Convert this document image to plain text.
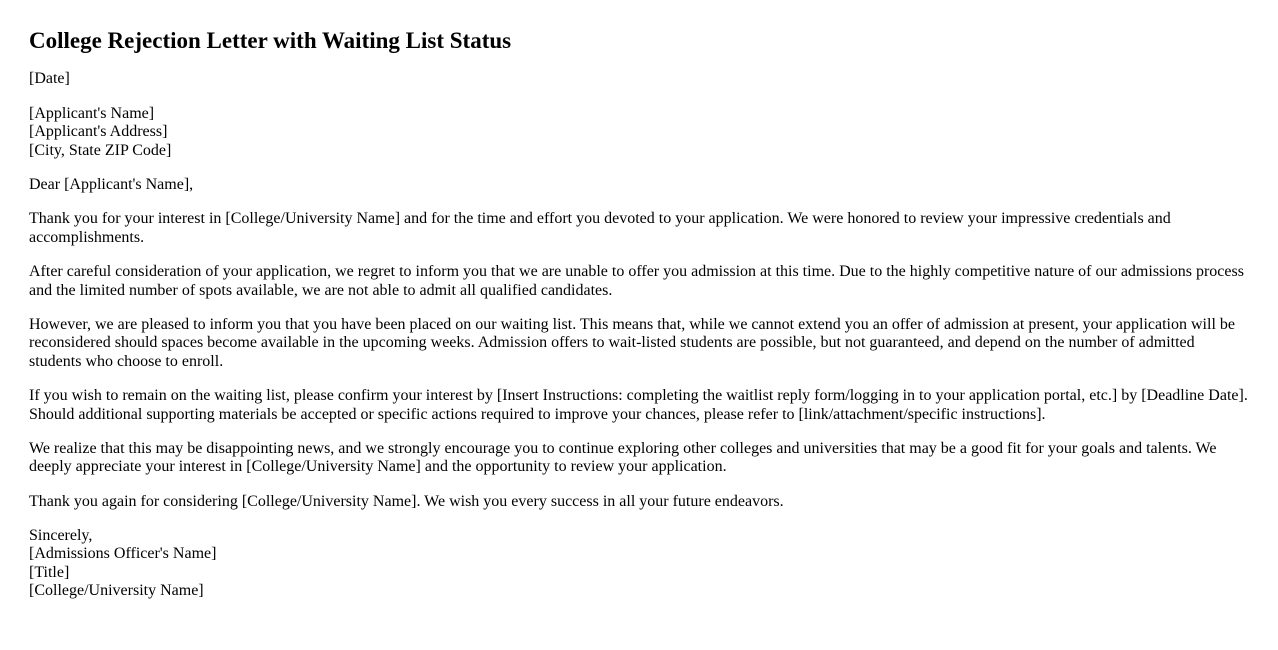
College Rejection Letter with Waiting List Status

[Date]

[Applicant's Name]
[Applicant's Address]
[City, State ZIP Code]

Dear [Applicant's Name],

Thank you for your interest in [College/University Name] and for the time and effort you devoted to your application. We were honored to review your impressive credentials and accomplishments.

After careful consideration of your application, we regret to inform you that we are unable to offer you admission at this time. Due to the highly competitive nature of our admissions process and the limited number of spots available, we are not able to admit all qualified candidates.

However, we are pleased to inform you that you have been placed on our waiting list. This means that, while we cannot extend you an offer of admission at present, your application will be reconsidered should spaces become available in the upcoming weeks. Admission offers to wait-listed students are possible, but not guaranteed, and depend on the number of admitted students who choose to enroll.

If you wish to remain on the waiting list, please confirm your interest by [Insert Instructions: completing the waitlist reply form/logging in to your application portal, etc.] by [Deadline Date]. Should additional supporting materials be accepted or specific actions required to improve your chances, please refer to [link/attachment/specific instructions].

We realize that this may be disappointing news, and we strongly encourage you to continue exploring other colleges and universities that may be a good fit for your goals and talents. We deeply appreciate your interest in [College/University Name] and the opportunity to review your application.

Thank you again for considering [College/University Name]. We wish you every success in all your future endeavors.

Sincerely,
[Admissions Officer's Name]
[Title]
[College/University Name]
